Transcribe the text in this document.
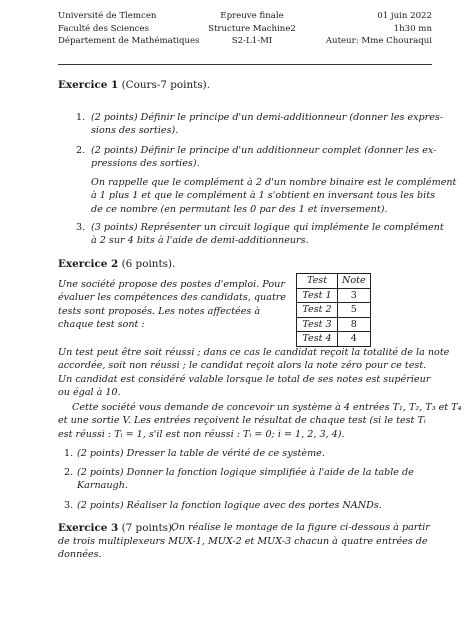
Université de Tlemcen
Faculté des Sciences
Département de Mathématiques
Epreuve finale
Structure Machine2
S2-L1-MI
01 juin 2022
1h30 mn
Auteur: Mme Chouraqui
Exercice 1 (Cours-7 points).
1. (2 points) Définir le principe d'un demi-additionneur (donner les expres-
sions des sorties).
2. (2 points) Définir le principe d'un additionneur complet (donner les ex-
pressions des sorties).
On rappelle que le complément à 2 d'un nombre binaire est le complément
à 1 plus 1 et que le complément à 1 s'obtient en inversant tous les bits
de ce nombre (en permutant les 0 par des 1 et inversement).
3. (3 points) Représenter un circuit logique qui implémente le complément
à 2 sur 4 bits à l'aide de demi-additionneurs.
Exercice 2 (6 points).
Une société propose des postes d'emploi. Pour
évaluer les compétences des candidats, quatre
tests sont proposés. Les notes affectées à
chaque test sont :
Test	Note
Test 1	3
Test 2	5
Test 3	8
Test 4	4
Un test peut être soit réussi ; dans ce cas le candidat reçoit la totalité de la note
accordée, soit non réussi ; le candidat reçoit alors la note zéro pour ce test.
Un candidat est considéré valable lorsque le total de ses notes est supérieur
ou égal à 10.
Cette société vous demande de concevoir un système à 4 entrées T₁, T₂, T₃ et T₄
et une sortie V. Les entrées reçoivent le résultat de chaque test (si le test Tᵢ
est réussi : Tᵢ = 1, s'il est non réussi : Tᵢ = 0; i = 1, 2, 3, 4).
1. (2 points) Dresser la table de vérité de ce système.
2. (2 points) Donner la fonction logique simplifiée à l'aide de la table de
Karnaugh.
3. (2 points) Réaliser la fonction logique avec des portes NANDs.
Exercice 3 (7 points).
On réalise le montage de la figure ci-dessous à partir
de trois multiplexeurs MUX-1, MUX-2 et MUX-3 chacun à quatre entrées de
données.
